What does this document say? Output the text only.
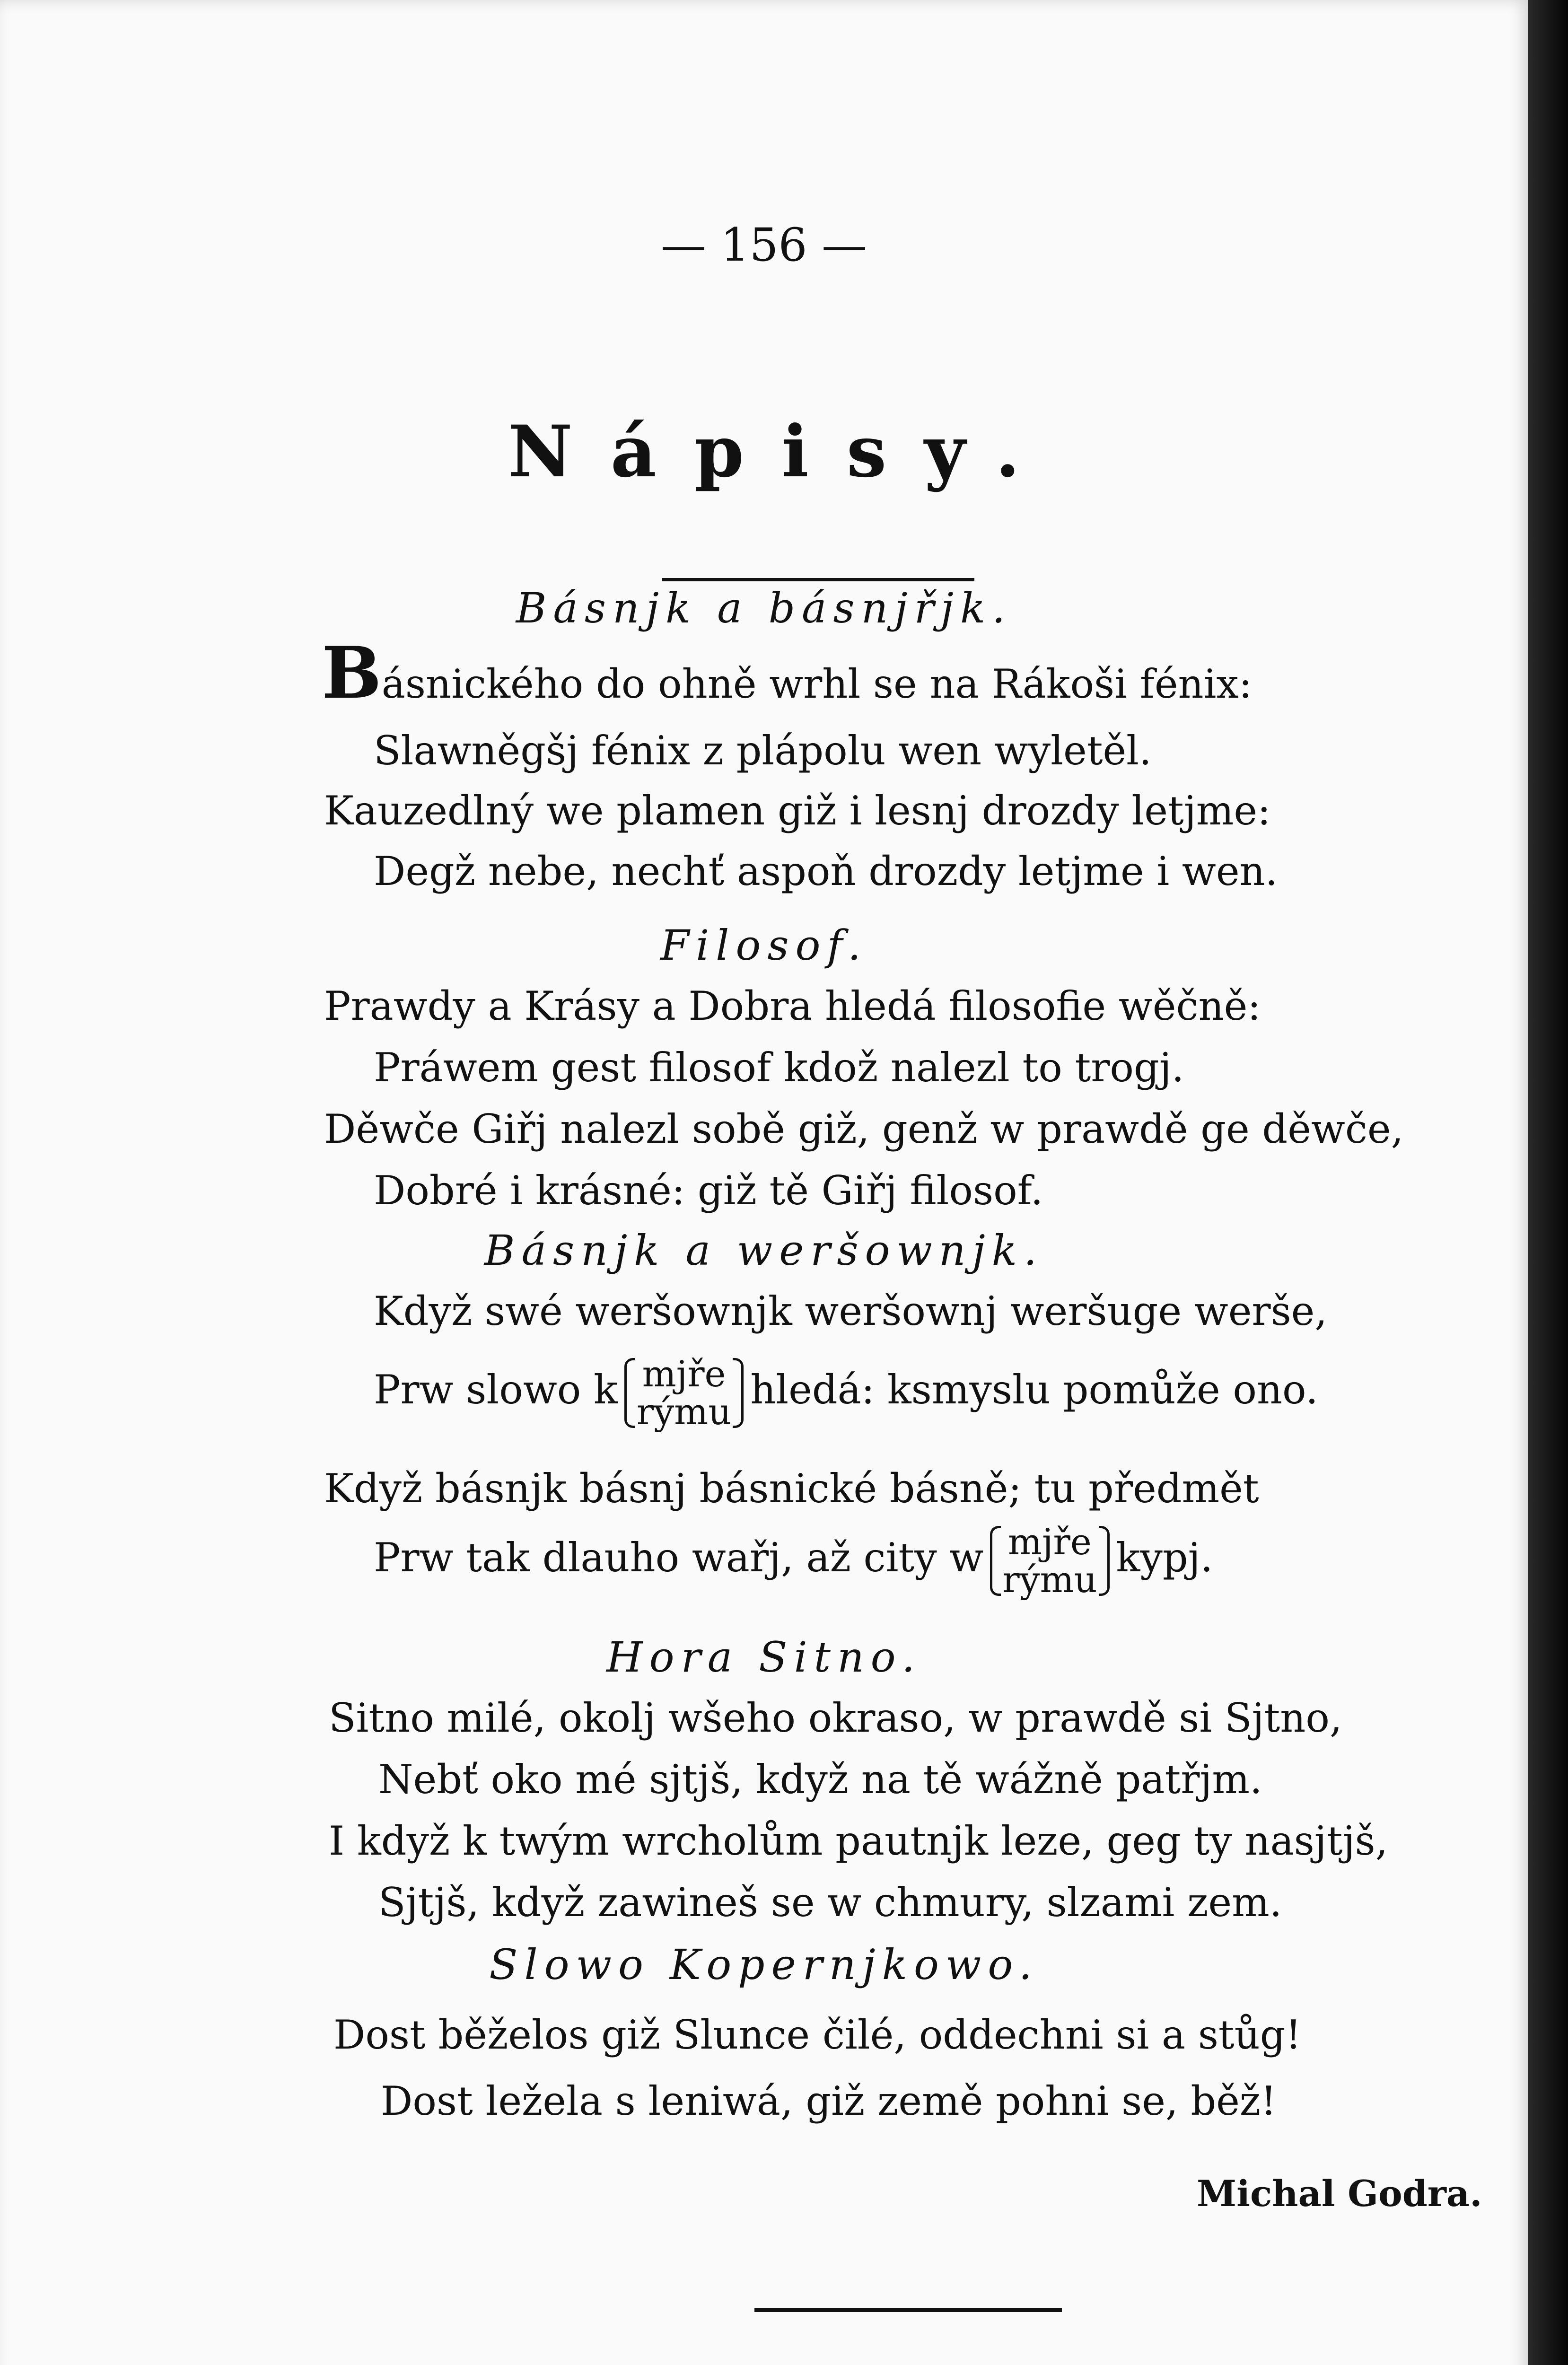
— 156 —
Nápisy.
Básnjk a básnjřjk.
Básnického do ohně wrhl se na Rákoši fénix:
Slawněgšj fénix z plápolu wen wyletěl.
Kauzedlný we plamen giž i lesnj drozdy letjme:
Degž nebe, nechť aspoň drozdy letjme i wen.
Filosof.
Prawdy a Krásy a Dobra hledá filosofie wěčně:
Práwem gest filosof kdož nalezl to trogj.
Děwče Giřj nalezl sobě giž, genž w prawdě ge děwče,
Dobré i krásné: giž tě Giřj filosof.
Básnjk a weršownjk.
Když swé weršownjk weršownj weršuge werše,
Prw slowo k mjře
rýmu hledá: ksmyslu pomůže ono.
Když básnjk básnj básnické básně; tu předmět
Prw tak dlauho wařj, až city w mjře
rýmu kypj.
Hora Sitno.
Sitno milé, okolj wšeho okraso, w prawdě si Sjtno,
Nebť oko mé sjtjš, když na tě wážně patřjm.
I když k twým wrcholům pautnjk leze, geg ty nasjtjš,
Sjtjš, když zawineš se w chmury, slzami zem.
Slowo Kopernjkowo.
Dost běželos giž Slunce čilé, oddechni si a stůg!
Dost ležela s leniwá, giž země pohni se, běž!
Michal Godra.
